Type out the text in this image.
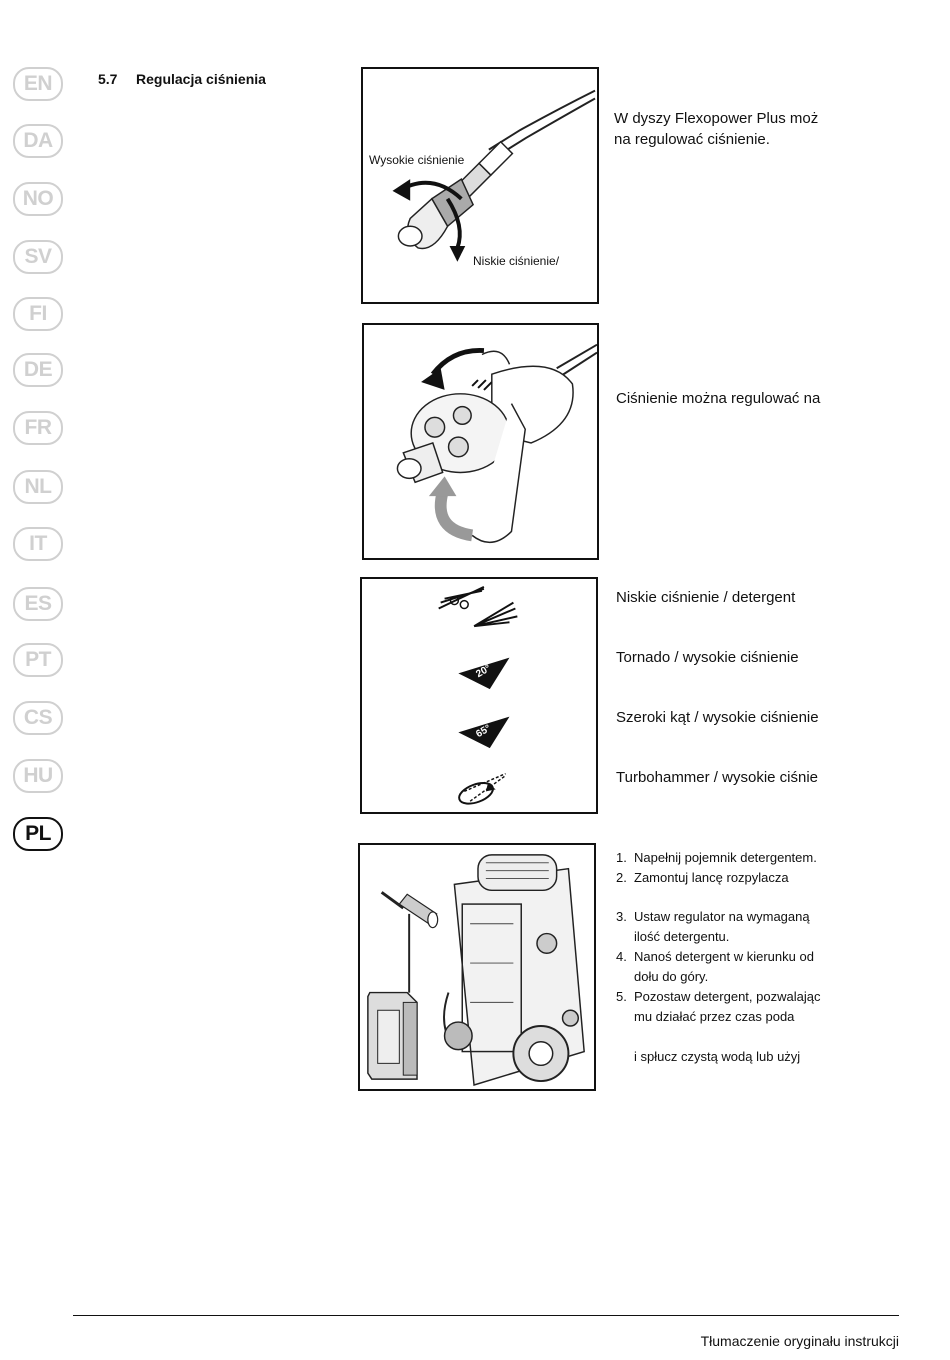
EN
DA
NO
SV
FI
DE
FR
NL
IT
ES
PT
CS
HU
PL
5.7 Regulacja ciśnienia
Wysokie ciśnienie
Niskie ciśnienie/
W dyszy Flexopower Plus moż
na regulować ciśnienie.
Ciśnienie można regulować na
20°
65°
Niskie ciśnienie / detergent
Tornado / wysokie ciśnienie
Szeroki kąt / wysokie ciśnienie
Turbohammer / wysokie ciśnie
1. Napełnij pojemnik detergentem.
2. Zamontuj lancę rozpylacza
3. Ustaw regulator na wymaganą
ilość detergentu.
4. Nanoś detergent w kierunku od
dołu do góry.
5. Pozostaw detergent, pozwalając
mu działać przez czas poda
i spłucz czystą wodą lub użyj
Tłumaczenie oryginału instrukcji
